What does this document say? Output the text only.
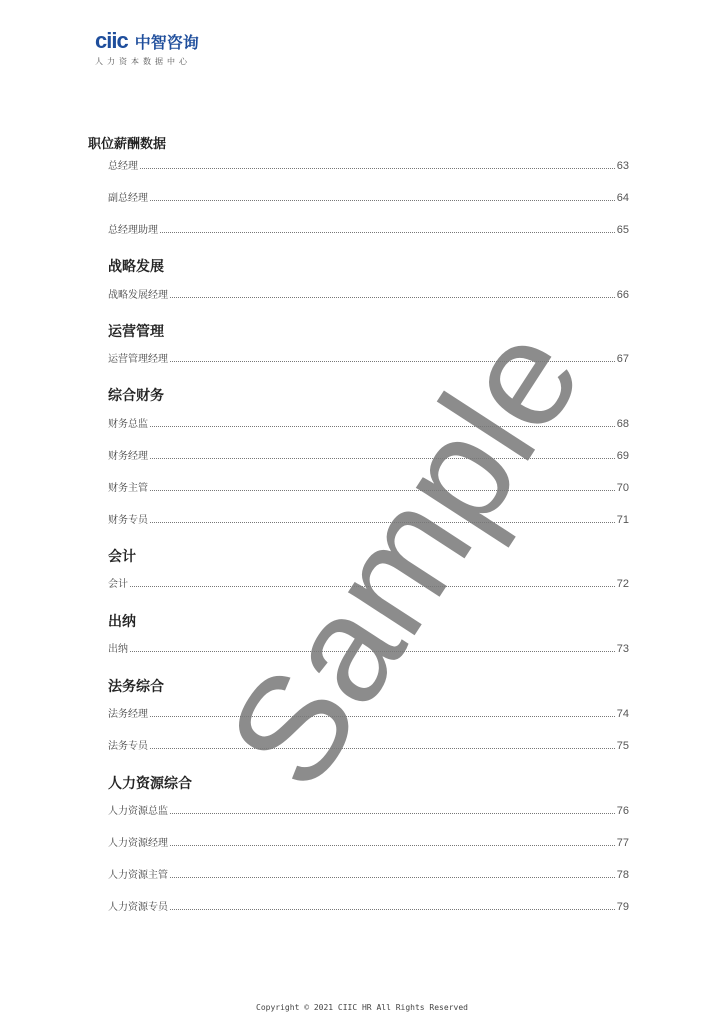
ciic 中智咨询
人力资本数据中心
职位薪酬数据
总经理	63
副总经理	64
总经理助理	65
战略发展
战略发展经理	66
运营管理
运营管理经理	67
综合财务
财务总监	68
财务经理	69
财务主管	70
财务专员	71
会计
会计	72
出纳
出纳	73
法务综合
法务经理	74
法务专员	75
人力资源综合
人力资源总监	76
人力资源经理	77
人力资源主管	78
人力资源专员	79
Sample
Copyright © 2021 CIIC HR All Rights Reserved
